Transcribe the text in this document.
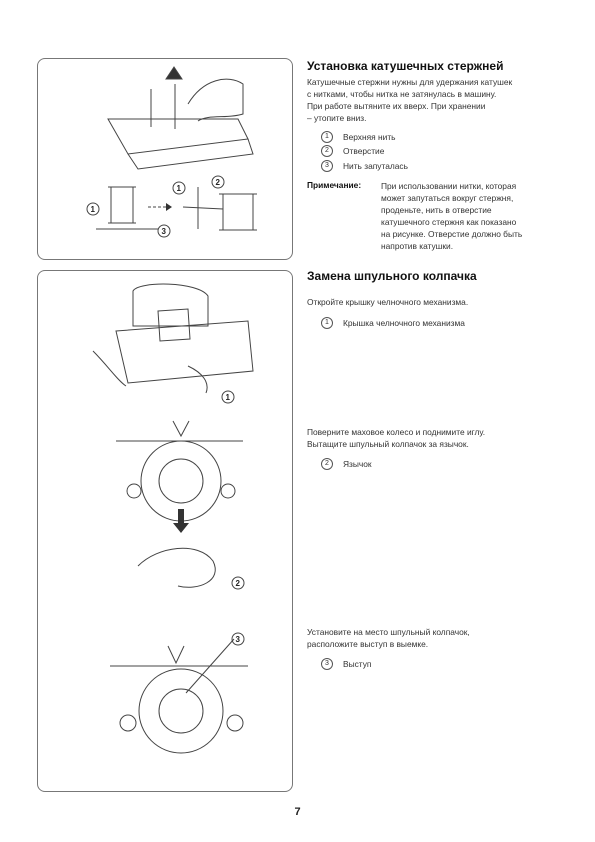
1
1
2
3
1
2
3
Установка катушечных стержней
Катушечные стержни нужны для удержания катушек
с нитками, чтобы нитка не затянулась в машину.
При работе вытяните их вверх. При хранении
– утопите вниз.
1	Верхняя нить
2	Отверстие
3	Нить запуталась
Примечание: При использовании нитки, которая
может запутаться вокруг стержня,
проденьте, нить в отверстие
катушечного стержня как показано
на рисунке. Отверстие должно быть
напротив катушки.
Замена шпульного колпачка
Откройте крышку челночного механизма.
1	Крышка челночного механизма
Поверните маховое колесо и поднимите иглу.
Вытащите шпульный колпачок за язычок.
2	Язычок
Установите на место шпульный колпачок,
расположите выступ в выемке.
3	Выступ
7
